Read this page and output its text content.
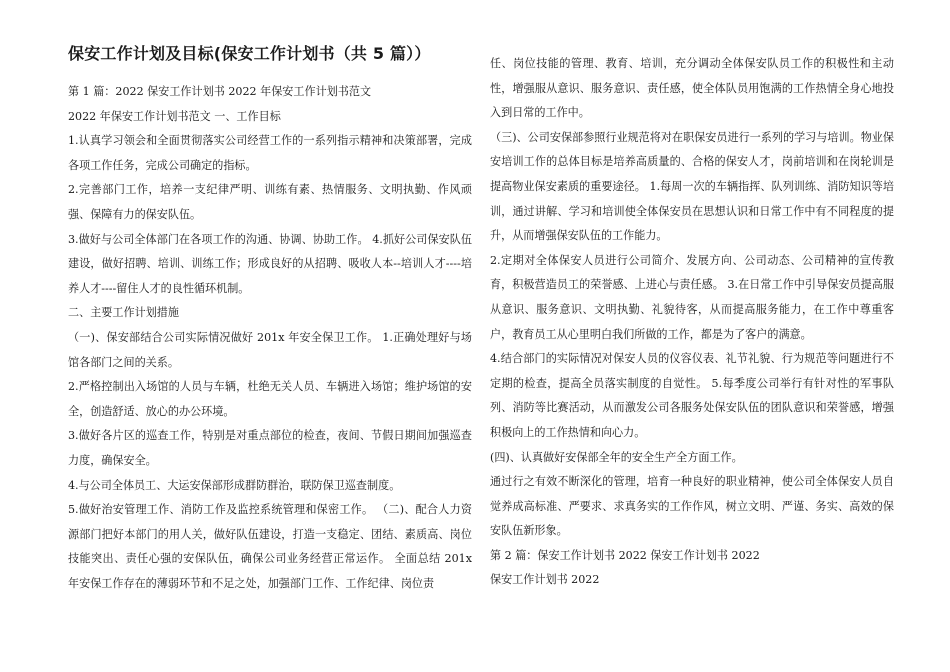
保安工作计划及目标(保安工作计划书（共 5 篇））

第 1 篇：2022 保安工作计划书 2022 年保安工作计划书范文

2022 年保安工作计划书范文 一、工作目标

1.认真学习领会和全面贯彻落实公司经营工作的一系列指示精神和决策部署，完成各项工作任务，完成公司确定的指标。

2.完善部门工作，培养一支纪律严明、训练有素、热情服务、文明执勤、作风顽强、保障有力的保安队伍。

3.做好与公司全体部门在各项工作的沟通、协调、协助工作。 4.抓好公司保安队伍建设，做好招聘、培训、训练工作；形成良好的从招聘、吸收人本--培训人才----培养人才----留住人才的良性循环机制。

二、主要工作计划措施

（一)、保安部结合公司实际情况做好 201x 年安全保卫工作。 1.正确处理好与场馆各部门之间的关系。

2.严格控制出入场馆的人员与车辆，杜绝无关人员、车辆进入场馆；维护场馆的安全，创造舒适、放心的办公环境。

3.做好各片区的巡查工作，特别是对重点部位的检查，夜间、节假日期间加强巡查力度，确保安全。

4.与公司全体员工、大运安保部形成群防群治，联防保卫巡查制度。

5.做好治安管理工作、消防工作及监控系统管理和保密工作。 （二)、配合人力资源部门把好本部门的用人关，做好队伍建设，打造一支稳定、团结、素质高、岗位技能突出、责任心强的安保队伍，确保公司业务经营正常运作。 全面总结 201x 年安保工作存在的薄弱环节和不足之处，加强部门工作、工作纪律、岗位责

任、岗位技能的管理、教育、培训，充分调动全体保安队员工作的积极性和主动性，增强服从意识、服务意识、责任感，使全体队员用饱满的工作热情全身心地投入到日常的工作中。

（三)、公司安保部参照行业规范将对在职保安员进行一系列的学习与培训。物业保安培训工作的总体目标是培养高质量的、合格的保安人才，岗前培训和在岗轮训是提高物业保安素质的重要途径。 1.每周一次的车辆指挥、队列训练、消防知识等培训，通过讲解、学习和培训使全体保安员在思想认识和日常工作中有不同程度的提升，从而增强保安队伍的工作能力。

2.定期对全体保安人员进行公司简介、发展方向、公司动态、公司精神的宣传教育，积极营造员工的荣誉感、上进心与责任感。 3.在日常工作中引导保安员提高服从意识、服务意识、文明执勤、礼貌待客，从而提高服务能力，在工作中尊重客户，教育员工从心里明白我们所做的工作，都是为了客户的满意。

4.结合部门的实际情况对保安人员的仪容仪表、礼节礼貌、行为规范等问题进行不定期的检查，提高全员落实制度的自觉性。 5.每季度公司举行有针对性的军事队列、消防等比赛活动，从而激发公司各服务处保安队伍的团队意识和荣誉感，增强积极向上的工作热情和向心力。

(四)、认真做好安保部全年的安全生产全方面工作。

通过行之有效不断深化的管理，培育一种良好的职业精神，使公司全体保安人员自觉养成高标准、严要求、求真务实的工作作风，树立文明、严谨、务实、高效的保安队伍新形象。

第 2 篇：保安工作计划书 2022 保安工作计划书 2022

保安工作计划书 2022
